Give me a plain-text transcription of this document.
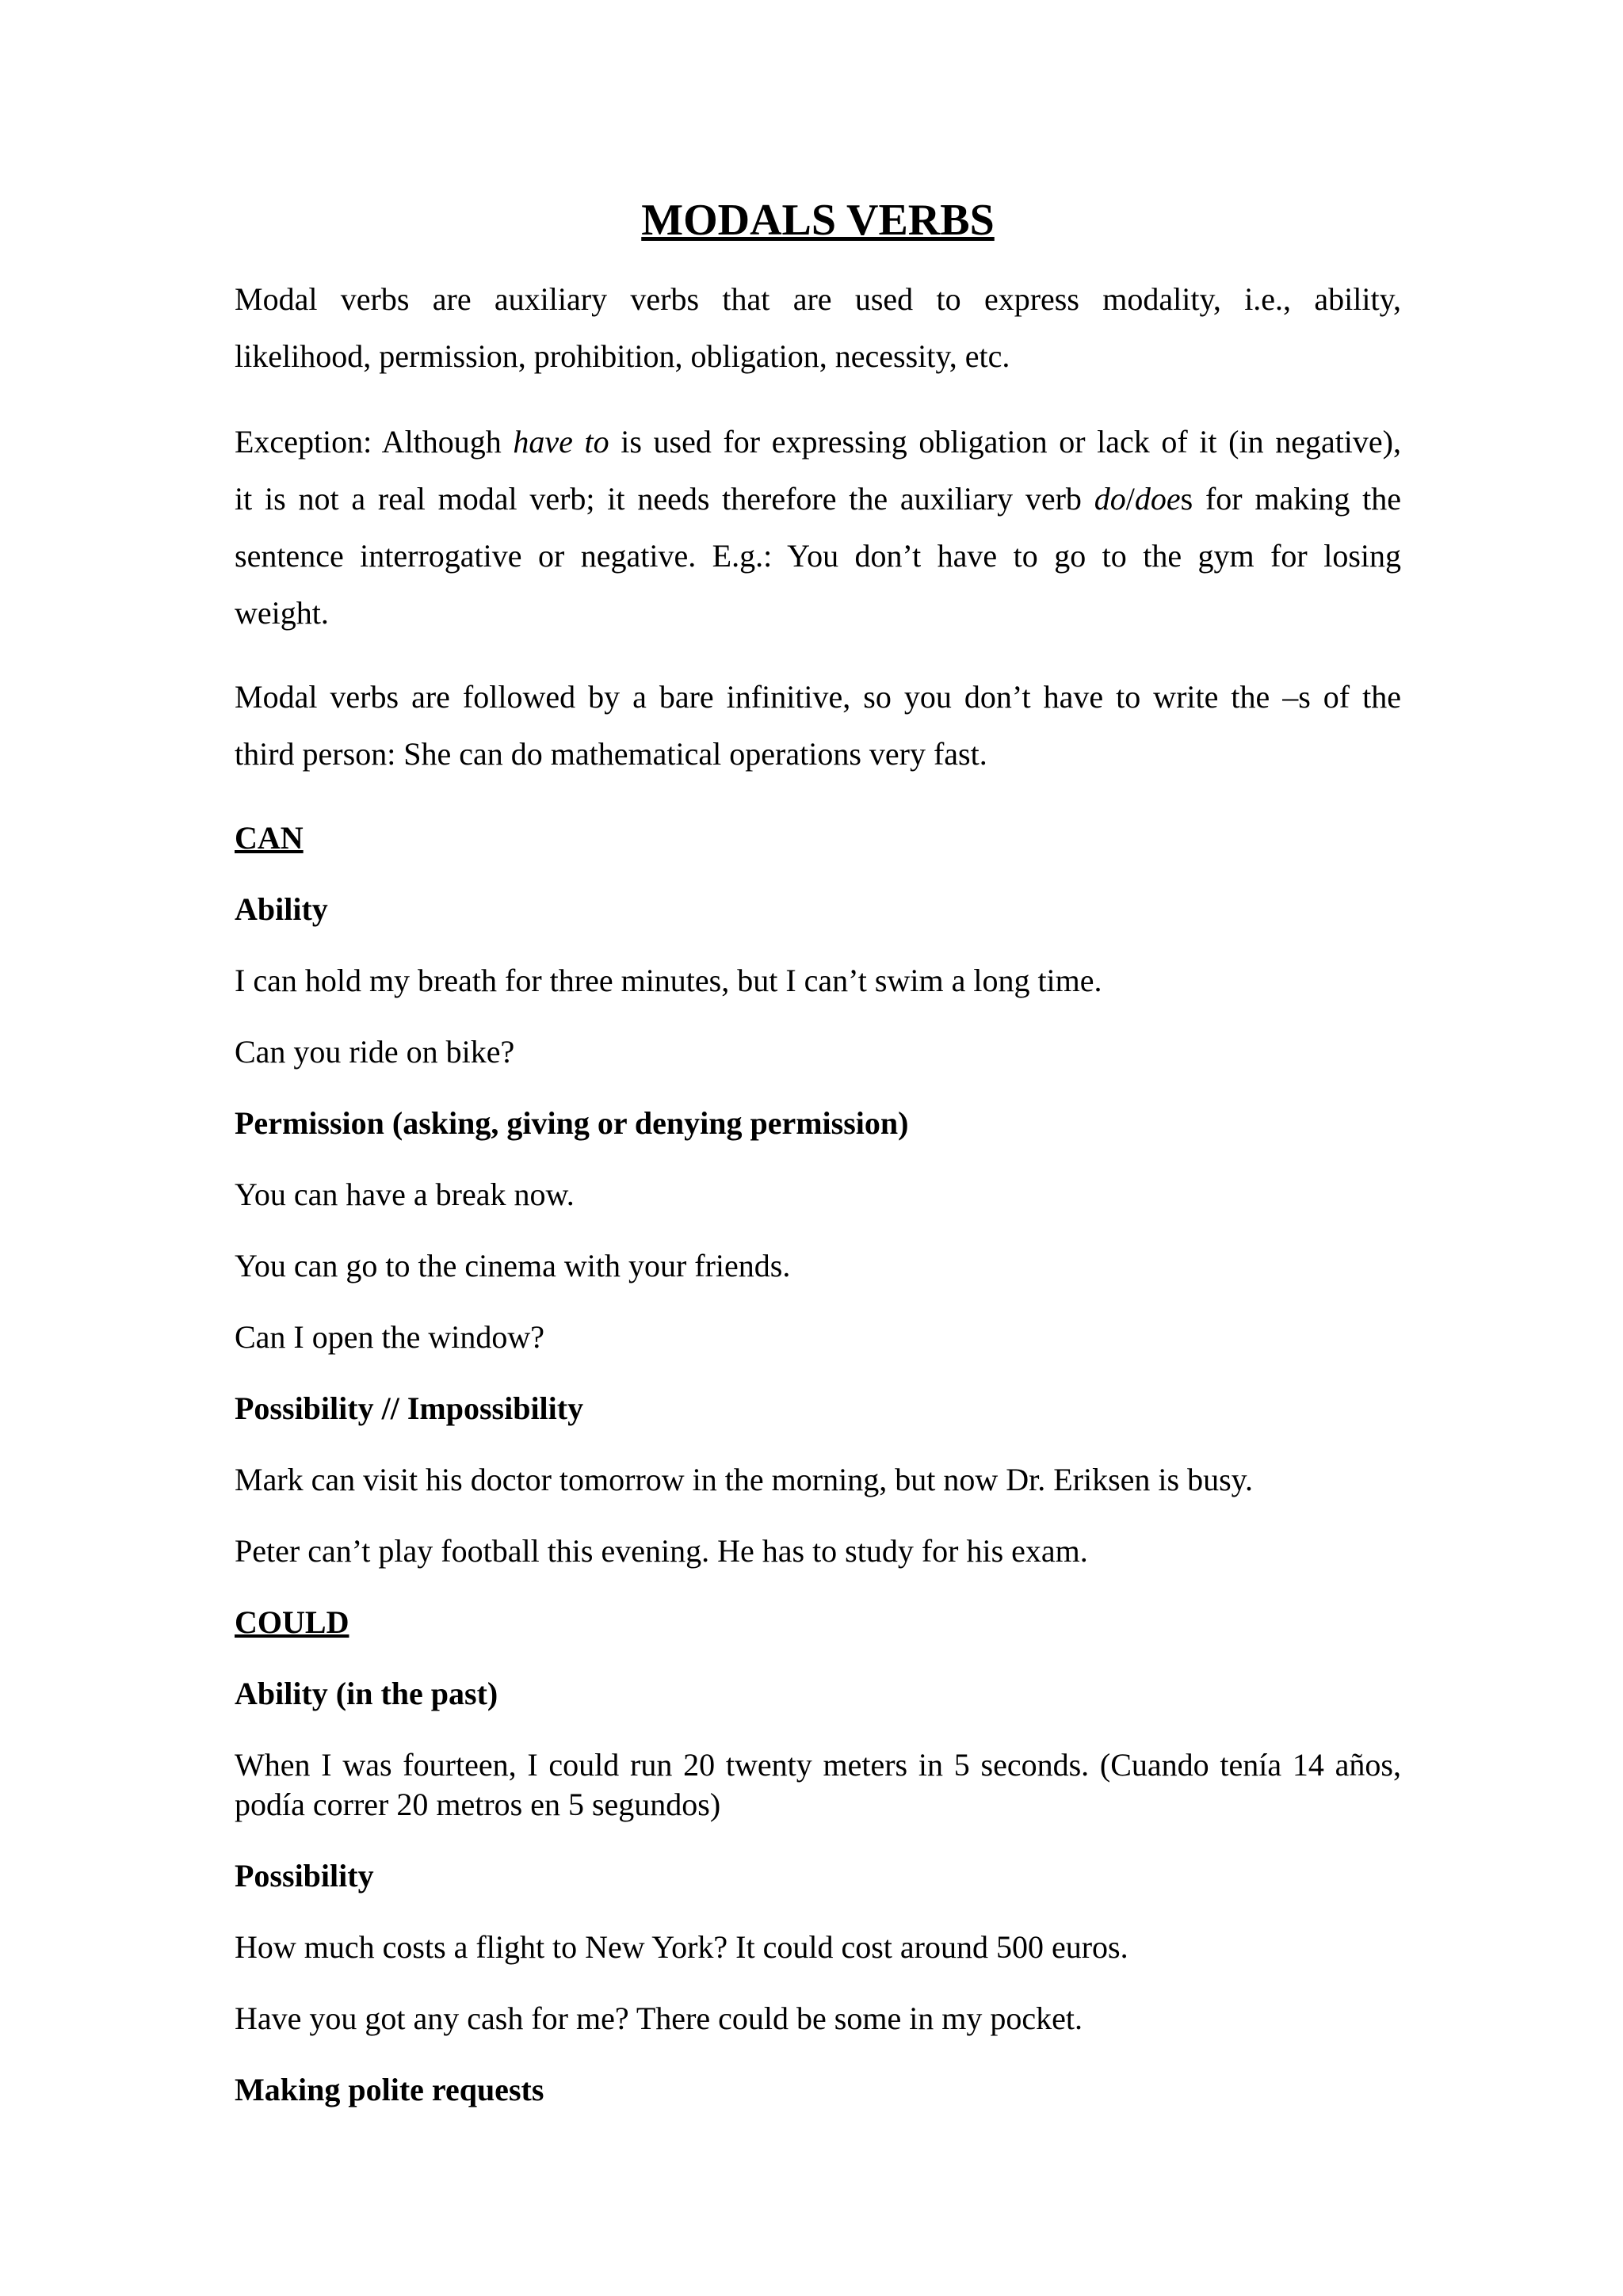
MODALS VERBS

Modal verbs are auxiliary verbs that are used to express modality, i.e., ability,

likelihood, permission, prohibition, obligation, necessity, etc.

Exception: Although have to is used for expressing obligation or lack of it (in negative),

it is not a real modal verb; it needs therefore the auxiliary verb do/does for making the

sentence interrogative or negative. E.g.: You don’t have to go to the gym for losing

weight.

Modal verbs are followed by a bare infinitive, so you don’t have to write the –s of the

third person: She can do mathematical operations very fast.

CAN

Ability

I can hold my breath for three minutes, but I can’t swim a long time.

Can you ride on bike?

Permission (asking, giving or denying permission)

You can have a break now.

You can go to the cinema with your friends.

Can I open the window?

Possibility // Impossibility

Mark can visit his doctor tomorrow in the morning, but now Dr. Eriksen is busy.

Peter can’t play football this evening. He has to study for his exam.

COULD

Ability (in the past)

When I was fourteen, I could run 20 twenty meters in 5 seconds. (Cuando tenía 14 años,

podía correr 20 metros en 5 segundos)

Possibility

How much costs a flight to New York? It could cost around 500 euros.

Have you got any cash for me? There could be some in my pocket.

Making polite requests
